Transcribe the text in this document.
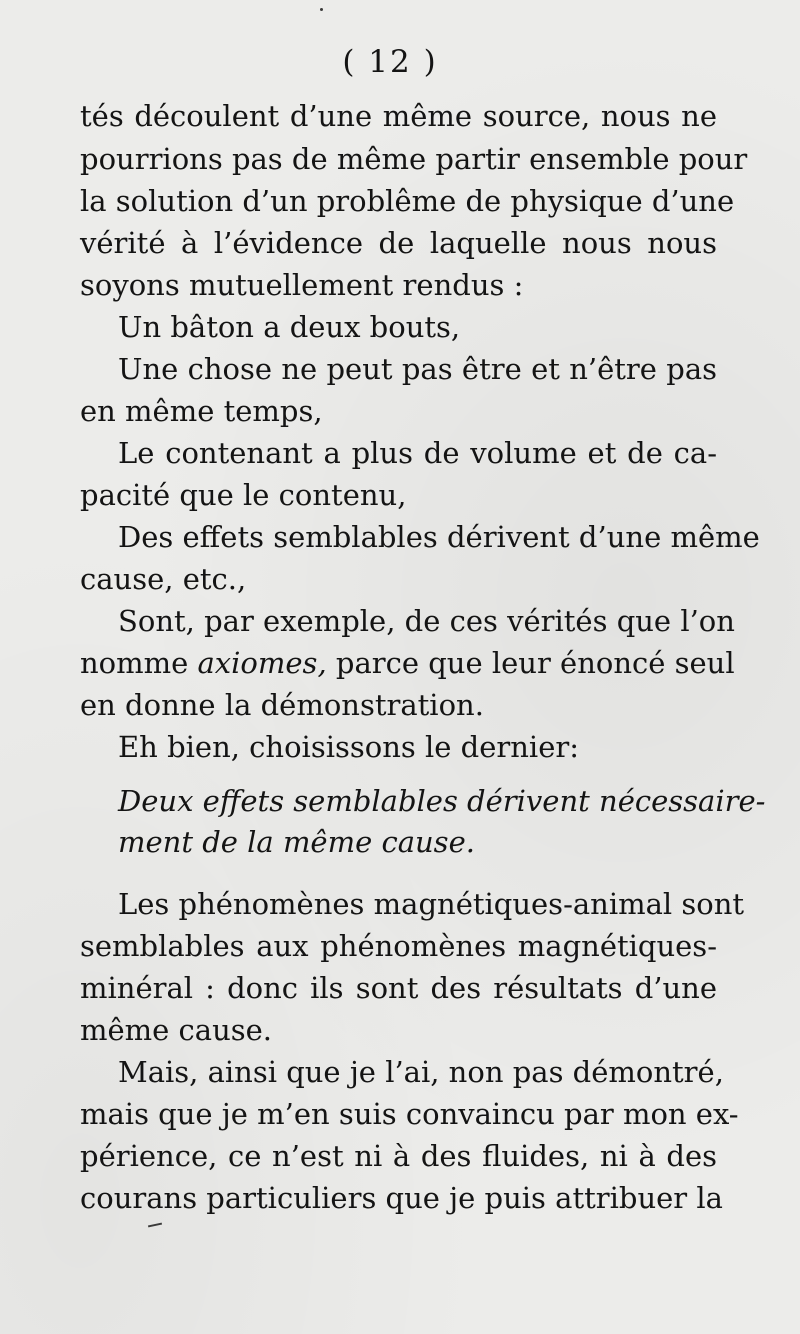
( 12 )
tés découlent d’une même source, nous ne
pourrions pas de même partir ensemble pour
la solution d’un problême de physique d’une
vérité à l’évidence de laquelle nous nous
soyons mutuellement rendus :
Un bâton a deux bouts,
Une chose ne peut pas être et n’être pas
en même temps,
Le contenant a plus de volume et de ca-
pacité que le contenu,
Des effets semblables dérivent d’une même
cause, etc.,
Sont, par exemple, de ces vérités que l’on
nomme axiomes, parce que leur énoncé seul
en donne la démonstration.
Eh bien, choisissons le dernier:
Deux effets semblables dérivent nécessaire-
ment de la même cause.
Les phénomènes magnétiques-animal sont
semblables aux phénomènes magnétiques-
minéral : donc ils sont des résultats d’une
même cause.
Mais, ainsi que je l’ai, non pas démontré,
mais que je m’en suis convaincu par mon ex-
périence, ce n’est ni à des fluides, ni à des
courans particuliers que je puis attribuer la
